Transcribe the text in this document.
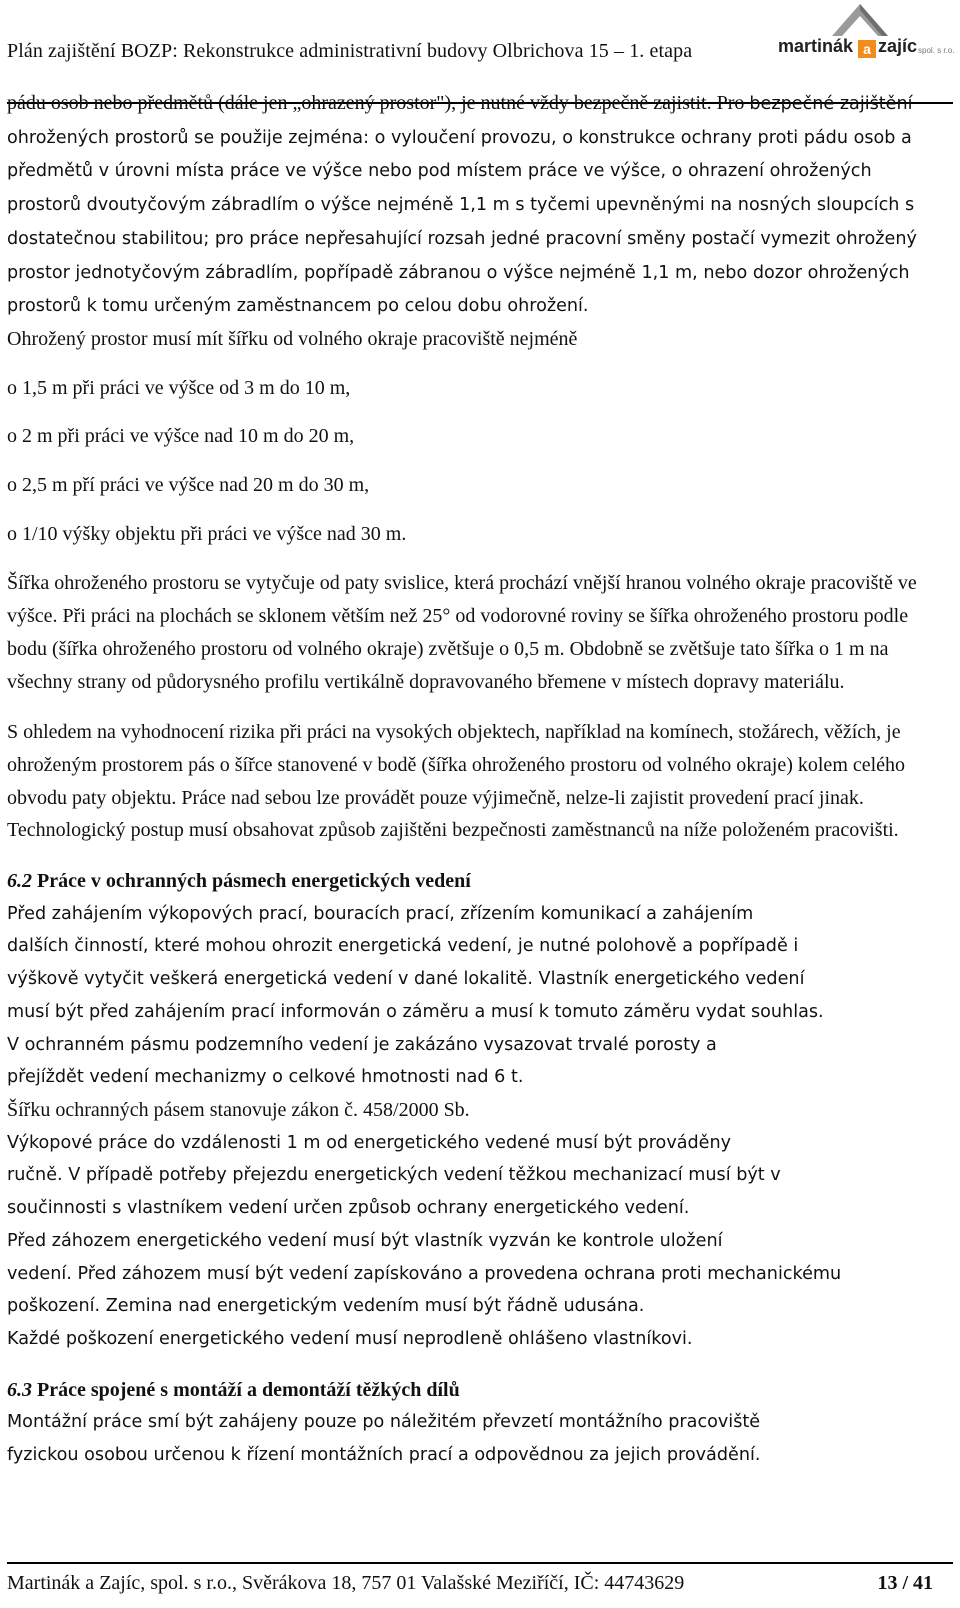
Plán zajištění BOZP: Rekonstrukce administrativní budovy Olbrichova 15 – 1. etapa	martinák a zajíc spol. s r.o.

pádu osob nebo předmětů (dále jen „ohrazený prostor"), je nutné vždy bezpečně zajistit. Pro bezpečné zajištění ohrožených prostorů se použije zejména: o vyloučení provozu, o konstrukce ochrany proti pádu osob a předmětů v úrovni místa práce ve výšce nebo pod místem práce ve výšce, o ohrazení ohrožených prostorů dvoutyčovým zábradlím o výšce nejméně 1,1 m s tyčemi upevněnými na nosných sloupcích s dostatečnou stabilitou; pro práce nepřesahující rozsah jedné pracovní směny postačí vymezit ohrožený prostor jednotyčovým zábradlím, popřípadě zábranou o výšce nejméně 1,1 m, nebo dozor ohrožených prostorů k tomu určeným zaměstnancem po celou dobu ohrožení.

Ohrožený prostor musí mít šířku od volného okraje pracoviště nejméně

o 1,5 m při práci ve výšce od 3 m do 10 m,

o 2 m při práci ve výšce nad 10 m do 20 m,

o 2,5 m pří práci ve výšce nad 20 m do 30 m,

o 1/10 výšky objektu při práci ve výšce nad 30 m.

Šířka ohroženého prostoru se vytyčuje od paty svislice, která prochází vnější hranou volného okraje pracoviště ve výšce. Při práci na plochách se sklonem větším než 25° od vodorovné roviny se šířka ohroženého prostoru podle bodu (šířka ohroženého prostoru od volného okraje) zvětšuje o 0,5 m. Obdobně se zvětšuje tato šířka o 1 m na všechny strany od půdorysného profilu vertikálně dopravovaného břemene v místech dopravy materiálu.

S ohledem na vyhodnocení rizika při práci na vysokých objektech, například na komínech, stožárech, věžích, je ohroženým prostorem pás o šířce stanovené v bodě (šířka ohroženého prostoru od volného okraje) kolem celého obvodu paty objektu. Práce nad sebou lze provádět pouze výjimečně, nelze-li zajistit provedení prací jinak. Technologický postup musí obsahovat způsob zajištěni bezpečnosti zaměstnanců na níže položeném pracovišti.

6.2 Práce v ochranných pásmech energetických vedení

Před zahájením výkopových prací, bouracích prací, zřízením komunikací a zahájením

dalších činností, které mohou ohrozit energetická vedení, je nutné polohově a popřípadě i

výškově vytyčit veškerá energetická vedení v dané lokalitě. Vlastník energetického vedení

musí být před zahájením prací informován o záměru a musí k tomuto záměru vydat souhlas.

V ochranném pásmu podzemního vedení je zakázáno vysazovat trvalé porosty a

přejíždět vedení mechanizmy o celkové hmotnosti nad 6 t.

Šířku ochranných pásem stanovuje zákon č. 458/2000 Sb.

Výkopové práce do vzdálenosti 1 m od energetického vedené musí být prováděny

ručně. V případě potřeby přejezdu energetických vedení těžkou mechanizací musí být v

součinnosti s vlastníkem vedení určen způsob ochrany energetického vedení.

Před záhozem energetického vedení musí být vlastník vyzván ke kontrole uložení

vedení. Před záhozem musí být vedení zapískováno a provedena ochrana proti mechanickému

poškození. Zemina nad energetickým vedením musí být řádně udusána.

Každé poškození energetického vedení musí neprodleně ohlášeno vlastníkovi.

6.3 Práce spojené s montáží a demontáží těžkých dílů

Montážní práce smí být zahájeny pouze po náležitém převzetí montážního pracoviště

fyzickou osobou určenou k řízení montážních prací a odpovědnou za jejich provádění.

Martinák a Zajíc, spol. s r.o., Svěrákova 18, 757 01 Valašské Meziříčí, IČ: 44743629	13 / 41
